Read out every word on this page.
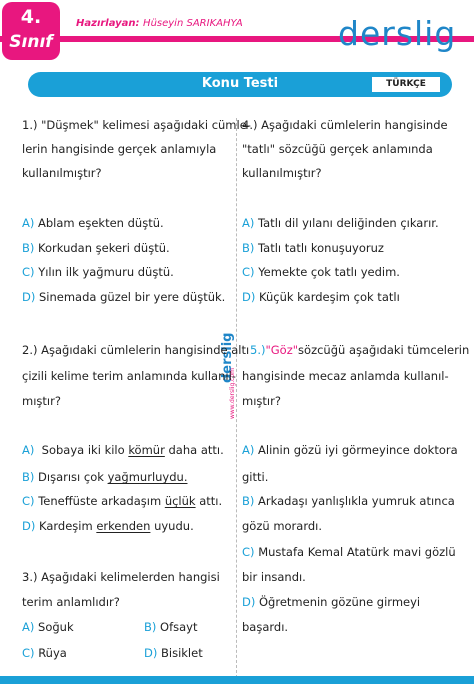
4.
Sınıf
Hazırlayan: Hüseyin SARIKAHYA	derslig
Konu Testi	TÜRKÇE
derslig
www.derslig.com
1.) "Düşmek" kelimesi aşağıdaki cümle-
lerin hangisinde gerçek anlamıyla
kullanılmıştır?
A) Ablam eşekten düştü.
B) Korkudan şekeri düştü.
C) Yılın ilk yağmuru düştü.
D) Sinemada güzel bir yere düştük.
2.) Aşağıdaki cümlelerin hangisinde altı
çizili kelime terim anlamında kullanıl-
mıştır?
A) Sobaya iki kilo kömür daha attı.
B) Dışarısı çok yağmurluydu.
C) Teneffüste arkadaşım üçlük attı.
D) Kardeşim erkenden uyudu.
3.) Aşağıdaki kelimelerden hangisi
terim anlamlıdır?
A) Soğuk	B) Ofsayt
C) Rüya	D) Bisiklet
4.) Aşağıdaki cümlelerin hangisinde
"tatlı" sözcüğü gerçek anlamında
kullanılmıştır?
A) Tatlı dil yılanı deliğinden çıkarır.
B) Tatlı tatlı konuşuyoruz
C) Yemekte çok tatlı yedim.
D) Küçük kardeşim çok tatlı
5.)"Göz"sözcüğü aşağıdaki tümcelerin
hangisinde mecaz anlamda kullanıl-
mıştır?
A) Alinin gözü iyi görmeyince doktora
gitti.
B) Arkadaşı yanlışlıkla yumruk atınca
gözü morardı.
C) Mustafa Kemal Atatürk mavi gözlü
bir insandı.
D) Öğretmenin gözüne girmeyi
başardı.
